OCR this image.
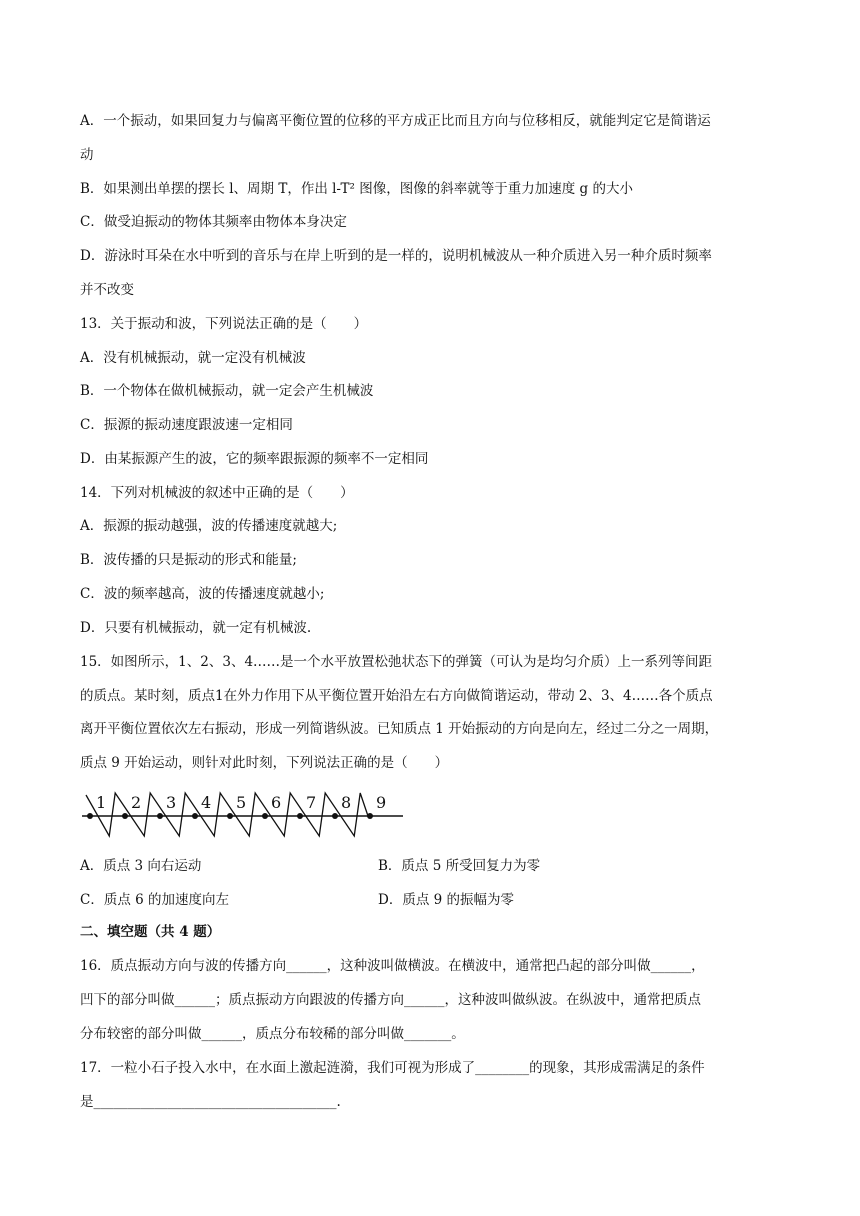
A．一个振动，如果回复力与偏离平衡位置的位移的平方成正比而且方向与位移相反，就能判定它是简谐运
动
B．如果测出单摆的摆长 l、周期 T，作出 l-T² 图像，图像的斜率就等于重力加速度 g 的大小
C．做受迫振动的物体其频率由物体本身决定
D．游泳时耳朵在水中听到的音乐与在岸上听到的是一样的，说明机械波从一种介质进入另一种介质时频率
并不改变
13．关于振动和波，下列说法正确的是（　　）
A．没有机械振动，就一定没有机械波
B．一个物体在做机械振动，就一定会产生机械波
C．振源的振动速度跟波速一定相同
D．由某振源产生的波，它的频率跟振源的频率不一定相同
14．下列对机械波的叙述中正确的是（　　）
A．振源的振动越强，波的传播速度就越大;
B．波传播的只是振动的形式和能量;
C．波的频率越高，波的传播速度就越小;
D．只要有机械振动，就一定有机械波.
15．如图所示，1、2、3、4……是一个水平放置松弛状态下的弹簧（可认为是均匀介质）上一系列等间距
的质点。某时刻，质点1在外力作用下从平衡位置开始沿左右方向做简谐运动，带动 2、3、4……各个质点
离开平衡位置依次左右振动，形成一列简谐纵波。已知质点 1 开始振动的方向是向左，经过二分之一周期，
质点 9 开始运动，则针对此时刻，下列说法正确的是（　　）
1 2 3 4 5 6 7 8 9
A．质点 3 向右运动	B．质点 5 所受回复力为零
C．质点 6 的加速度向左	D．质点 9 的振幅为零
二、填空题（共 4 题）
16．质点振动方向与波的传播方向______，这种波叫做横波。在横波中，通常把凸起的部分叫做______，
凹下的部分叫做______；质点振动方向跟波的传播方向______，这种波叫做纵波。在纵波中，通常把质点
分布较密的部分叫做______，质点分布较稀的部分叫做_______。
17．一粒小石子投入水中，在水面上激起涟漪，我们可视为形成了________的现象，其形成需满足的条件
是____________________________________.
